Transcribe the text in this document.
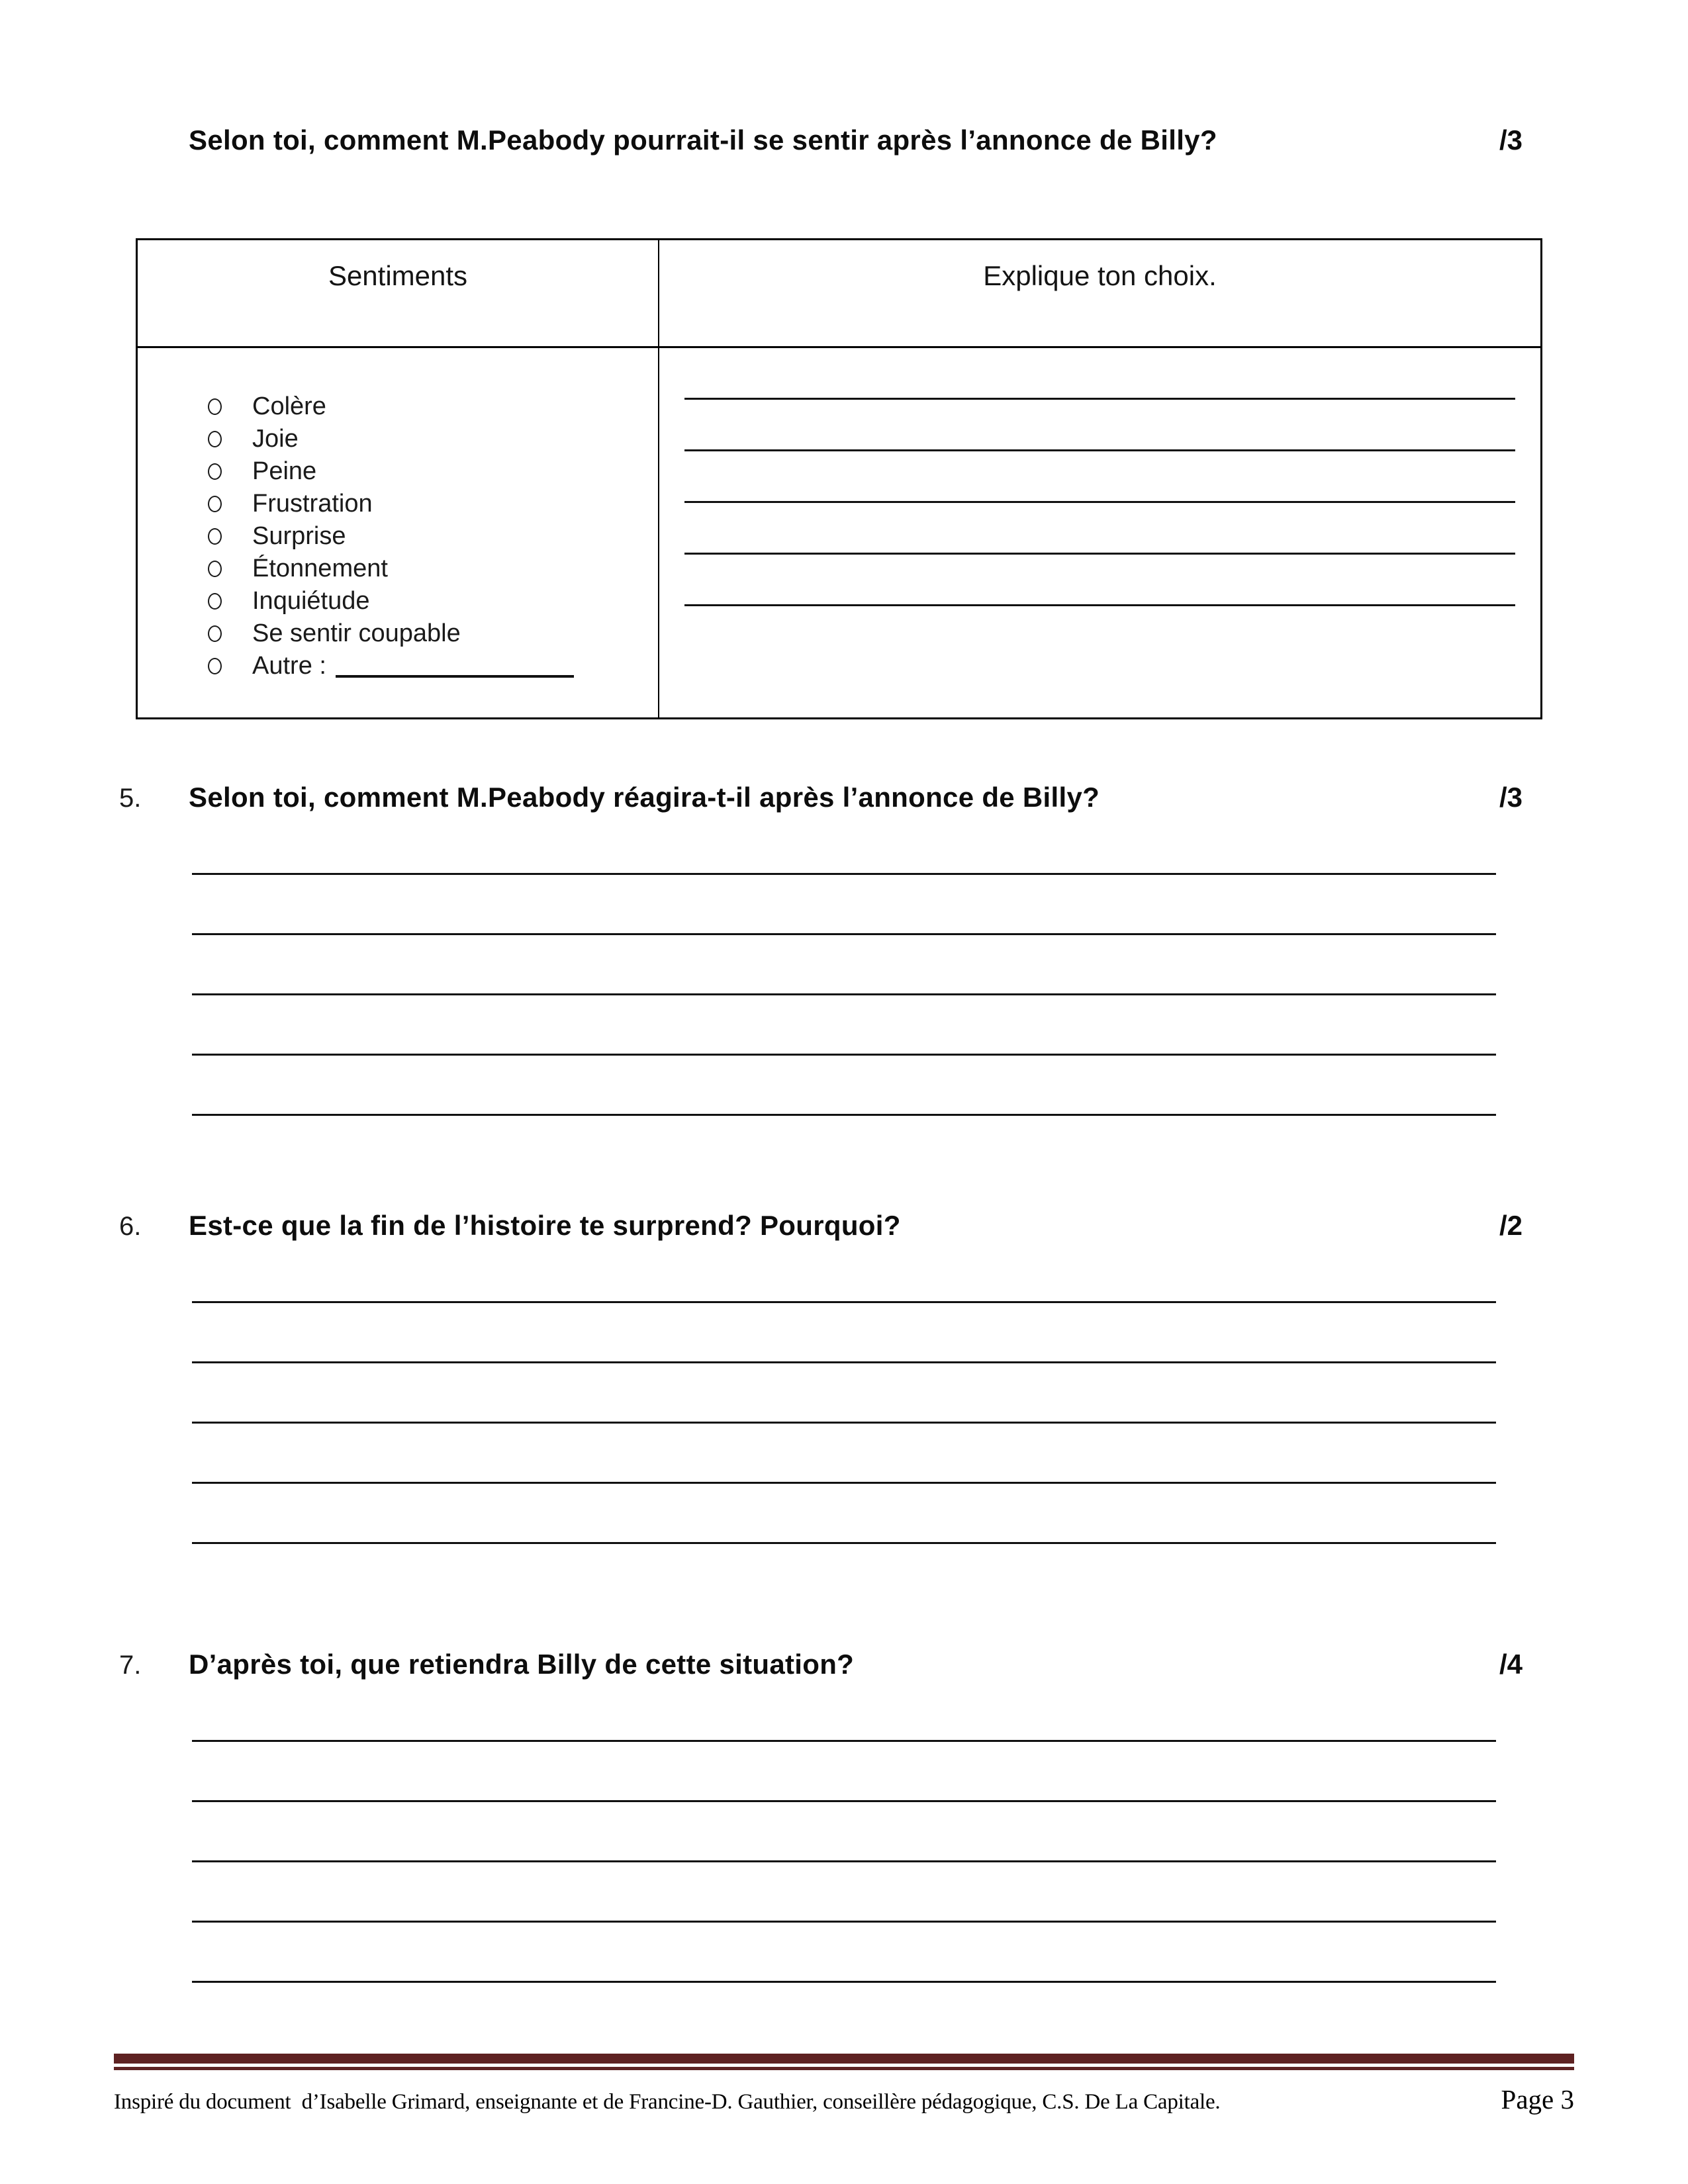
Selon toi, comment M.Peabody pourrait-il se sentir après l’annonce de Billy?	/3
Sentiments	Explique ton choix.
Colère
Joie
Peine
Frustration
Surprise
Étonnement
Inquiétude
Se sentir coupable
Autre :
5.	Selon toi, comment M.Peabody réagira-t-il après l’annonce de Billy?	/3
6.	Est-ce que la fin de l’histoire te surprend? Pourquoi?	/2
7.	D’après toi, que retiendra Billy de cette situation?	/4
Inspiré du document  d’Isabelle Grimard, enseignante et de Francine-D. Gauthier, conseillère pédagogique, C.S. De La Capitale.	Page 3
